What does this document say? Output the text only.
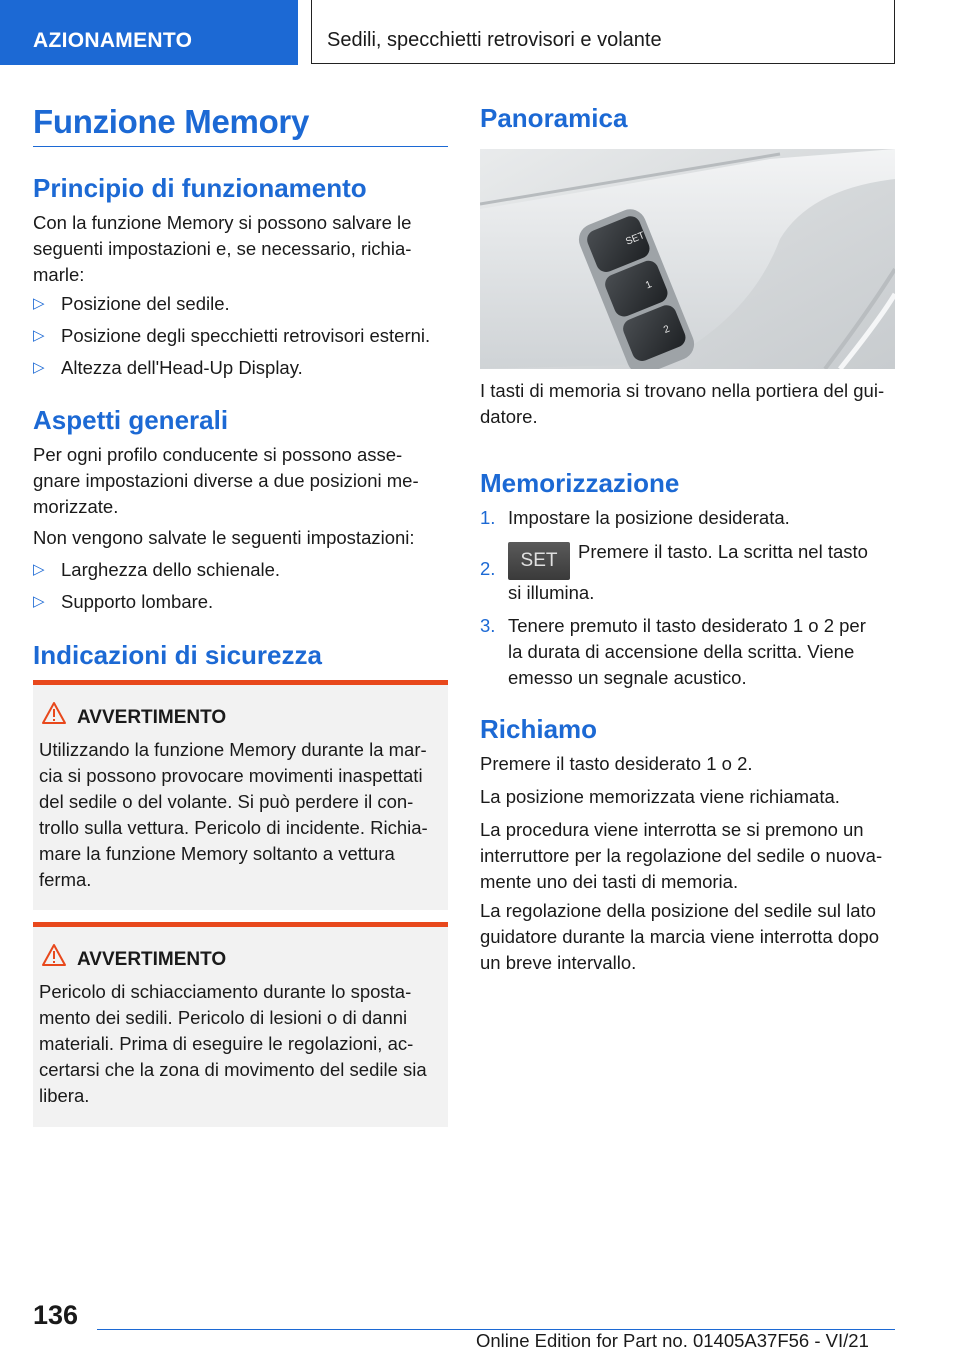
AZIONAMENTO	Sedili, specchietti retrovisori e volante
Funzione Memory
Principio di funzionamento

Con la funzione Memory si possono salvare le
seguenti impostazioni e, se necessario, richia-
marle:

▷ Posizione del sedile.
▷ Posizione degli specchietti retrovisori esterni.
▷ Altezza dell'Head-Up Display.
Aspetti generali

Per ogni profilo conducente si possono asse-
gnare impostazioni diverse a due posizioni me-
morizzate.

Non vengono salvate le seguenti impostazioni:

▷ Larghezza dello schienale.
▷ Supporto lombare.
Indicazioni di sicurezza
AVVERTIMENTO

Utilizzando la funzione Memory durante la mar-
cia si possono provocare movimenti inaspettati
del sedile o del volante. Si può perdere il con-
trollo sulla vettura. Pericolo di incidente. Richia-
mare la funzione Memory soltanto a vettura
ferma.

AVVERTIMENTO

Pericolo di schiacciamento durante lo sposta-
mento dei sedili. Pericolo di lesioni o di danni
materiali. Prima di eseguire le regolazioni, ac-
certarsi che la zona di movimento del sedile sia
libera.

Panoramica
SET
1
2

I tasti di memoria si trovano nella portiera del gui-
datore.

Memorizzazione
1. Impostare la posizione desiderata.
2.	SET Premere il tasto. La scritta nel tasto
si illumina.
3. Tenere premuto il tasto desiderato 1 o 2 per
la durata di accensione della scritta. Viene
emesso un segnale acustico.
Richiamo

Premere il tasto desiderato 1 o 2.

La posizione memorizzata viene richiamata.

La procedura viene interrotta se si premono un
interruttore per la regolazione del sedile o nuova-
mente uno dei tasti di memoria.

La regolazione della posizione del sedile sul lato
guidatore durante la marcia viene interrotta dopo
un breve intervallo.

136
Online Edition for Part no. 01405A37F56 - VI/21
